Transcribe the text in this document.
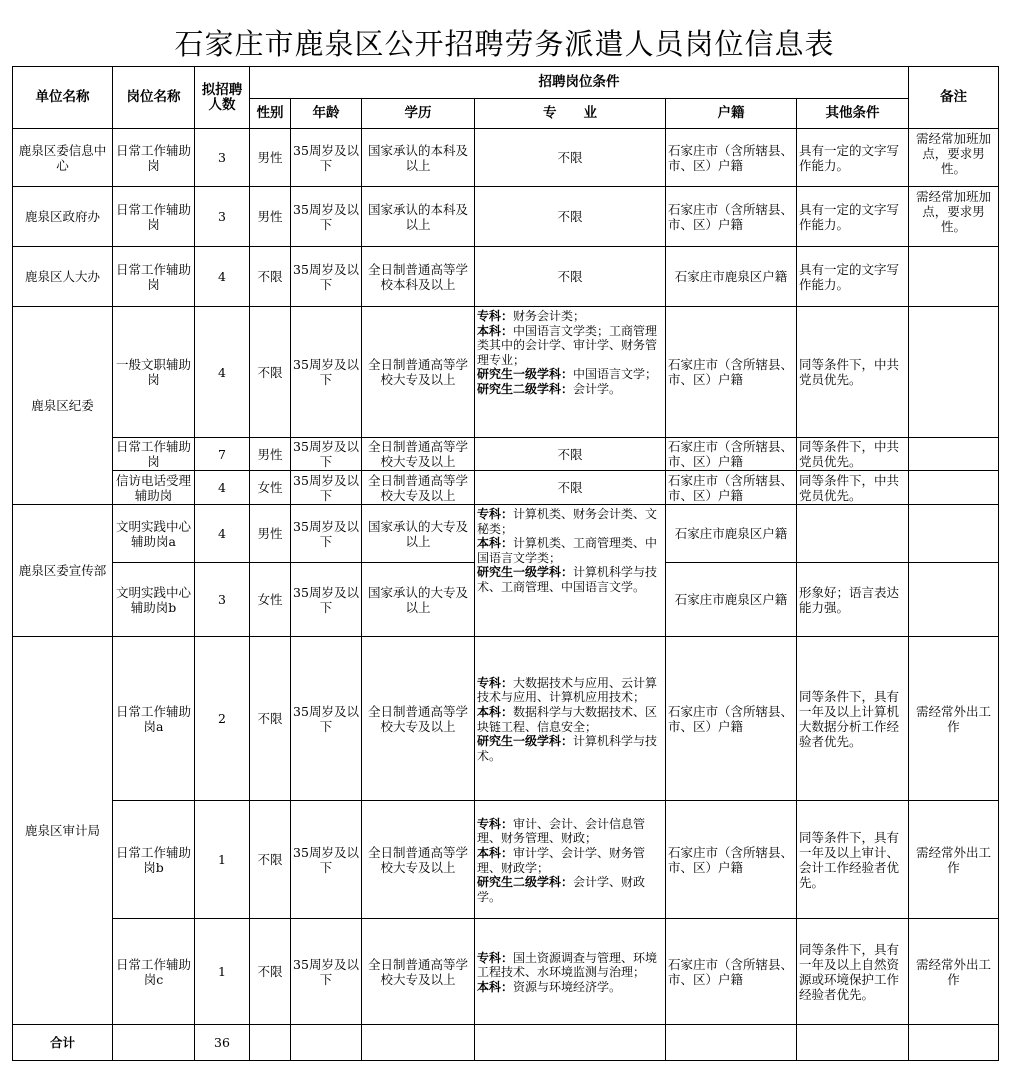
石家庄市鹿泉区公开招聘劳务派遣人员岗位信息表
单位名称	岗位名称	拟招聘人数	招聘岗位条件						备注
			性别	年龄	学历	专　　业	户籍	其他条件	
鹿泉区委信息中心	日常工作辅助岗	3	男性	35周岁及以下	国家承认的本科及以上	不限	石家庄市（含所辖县、市、区）户籍	具有一定的文字写作能力。	需经常加班加点，要求男性。
鹿泉区政府办	日常工作辅助岗	3	男性	35周岁及以下	国家承认的本科及以上	不限	石家庄市（含所辖县、市、区）户籍	具有一定的文字写作能力。	需经常加班加点，要求男性。
鹿泉区人大办	日常工作辅助岗	4	不限	35周岁及以下	全日制普通高等学校本科及以上	不限	石家庄市鹿泉区户籍	具有一定的文字写作能力。	
鹿泉区纪委	一般文职辅助岗	4	不限	35周岁及以下	全日制普通高等学校大专及以上	专科：财务会计类；
本科：中国语言文学类；工商管理类其中的会计学、审计学、财务管理专业；
研究生一级学科：中国语言文学；
研究生二级学科：会计学。	石家庄市（含所辖县、市、区）户籍	同等条件下，中共党员优先。	
	日常工作辅助岗	7	男性	35周岁及以下	全日制普通高等学校大专及以上	不限	石家庄市（含所辖县、市、区）户籍	同等条件下，中共党员优先。	
	信访电话受理辅助岗	4	女性	35周岁及以下	全日制普通高等学校大专及以上	不限	石家庄市（含所辖县、市、区）户籍	同等条件下，中共党员优先。	
鹿泉区委宣传部	文明实践中心辅助岗a	4	男性	35周岁及以下	国家承认的大专及以上	专科：计算机类、财务会计类、文秘类；
本科：计算机类、工商管理类、中国语言文学类；
研究生一级学科：计算机科学与技术、工商管理、中国语言文学。	石家庄市鹿泉区户籍		
	文明实践中心辅助岗b	3	女性	35周岁及以下	国家承认的大专及以上		石家庄市鹿泉区户籍	形象好；语言表达能力强。	
鹿泉区审计局	日常工作辅助岗a	2	不限	35周岁及以下	全日制普通高等学校大专及以上	专科：大数据技术与应用、云计算技术与应用、计算机应用技术；
本科：数据科学与大数据技术、区块链工程、信息安全；
研究生一级学科：计算机科学与技术。	石家庄市（含所辖县、市、区）户籍	同等条件下，具有一年及以上计算机大数据分析工作经验者优先。	需经常外出工作
	日常工作辅助岗b	1	不限	35周岁及以下	全日制普通高等学校大专及以上	专科：审计、会计、会计信息管理、财务管理、财政；
本科：审计学、会计学、财务管理、财政学；
研究生二级学科：会计学、财政学。	石家庄市（含所辖县、市、区）户籍	同等条件下，具有一年及以上审计、会计工作经验者优先。	需经常外出工作
	日常工作辅助岗c	1	不限	35周岁及以下	全日制普通高等学校大专及以上	专科：国土资源调查与管理、环境工程技术、水环境监测与治理；
本科：资源与环境经济学。	石家庄市（含所辖县、市、区）户籍	同等条件下，具有一年及以上自然资源或环境保护工作经验者优先。	需经常外出工作
合计		36							
